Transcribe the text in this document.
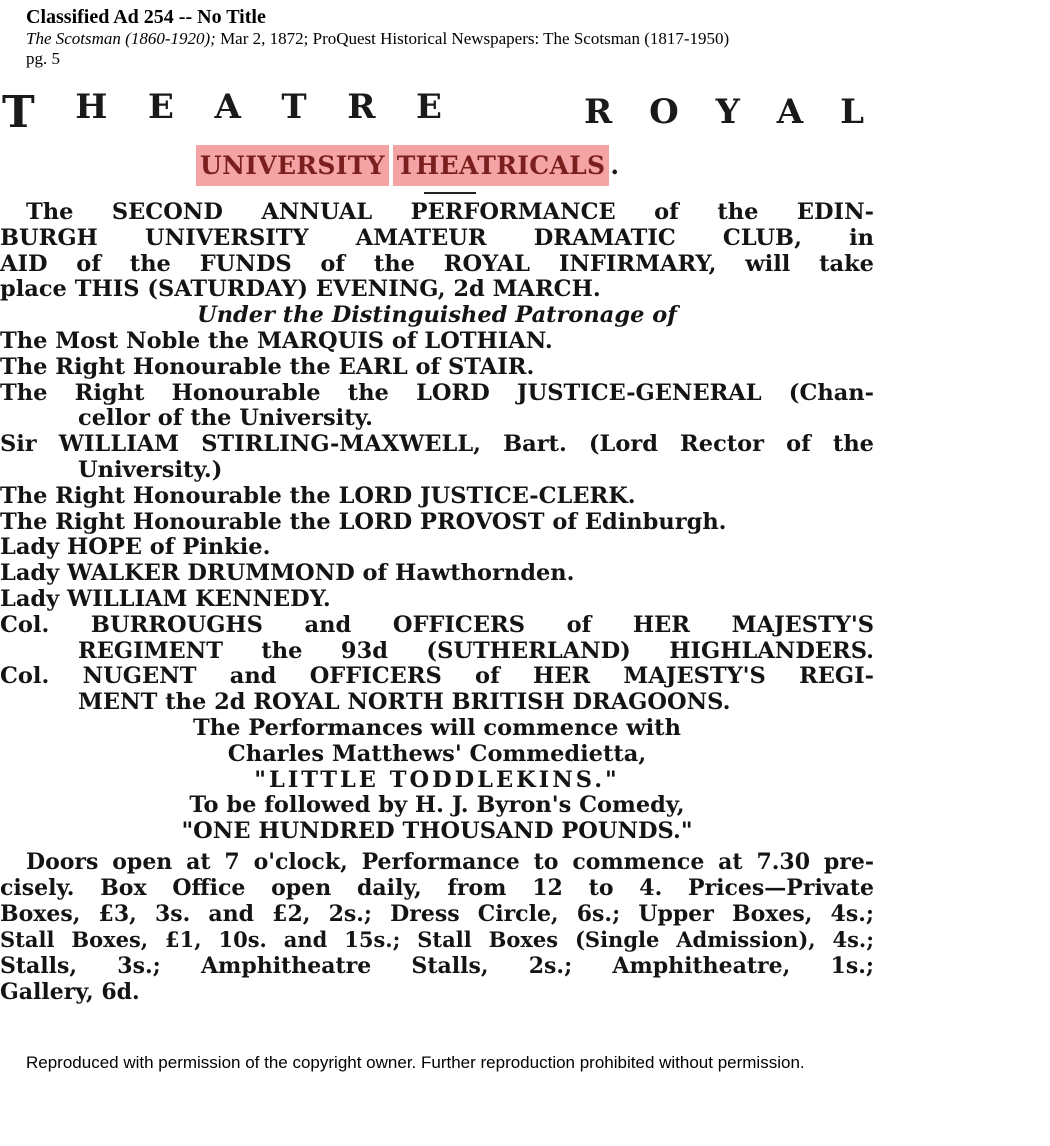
Classified Ad 254 -- No Title
The Scotsman (1860-1920); Mar 2, 1872; ProQuest Historical Newspapers: The Scotsman (1817-1950)
pg. 5
T H E A T R E	R O Y A L
UNIVERSITY THEATRICALS .

The SECOND ANNUAL PERFORMANCE of the EDIN-

BURGH UNIVERSITY AMATEUR DRAMATIC CLUB, in

AID of the FUNDS of the ROYAL INFIRMARY, will take

place THIS (SATURDAY) EVENING, 2d MARCH.

Under the Distinguished Patronage of

The Most Noble the MARQUIS of LOTHIAN.

The Right Honourable the EARL of STAIR.

The Right Honourable the LORD JUSTICE-GENERAL (Chan-

cellor of the University.

Sir WILLIAM STIRLING-MAXWELL, Bart. (Lord Rector of the

University.)

The Right Honourable the LORD JUSTICE-CLERK.

The Right Honourable the LORD PROVOST of Edinburgh.

Lady HOPE of Pinkie.

Lady WALKER DRUMMOND of Hawthornden.

Lady WILLIAM KENNEDY.

Col. BURROUGHS and OFFICERS of HER MAJESTY'S

REGIMENT the 93d (SUTHERLAND) HIGHLANDERS.

Col. NUGENT and OFFICERS of HER MAJESTY'S REGI-

MENT the 2d ROYAL NORTH BRITISH DRAGOONS.

The Performances will commence with

Charles Matthews' Commedietta,

"LITTLE TODDLEKINS."

To be followed by H. J. Byron's Comedy,

"ONE HUNDRED THOUSAND POUNDS."

Doors open at 7 o'clock, Performance to commence at 7.30 pre-

cisely. Box Office open daily, from 12 to 4. Prices—Private

Boxes, £3, 3s. and £2, 2s.; Dress Circle, 6s.; Upper Boxes, 4s.;

Stall Boxes, £1, 10s. and 15s.; Stall Boxes (Single Admission), 4s.;

Stalls, 3s.; Amphitheatre Stalls, 2s.; Amphitheatre, 1s.;

Gallery, 6d.

Reproduced with permission of the copyright owner. Further reproduction prohibited without permission.
